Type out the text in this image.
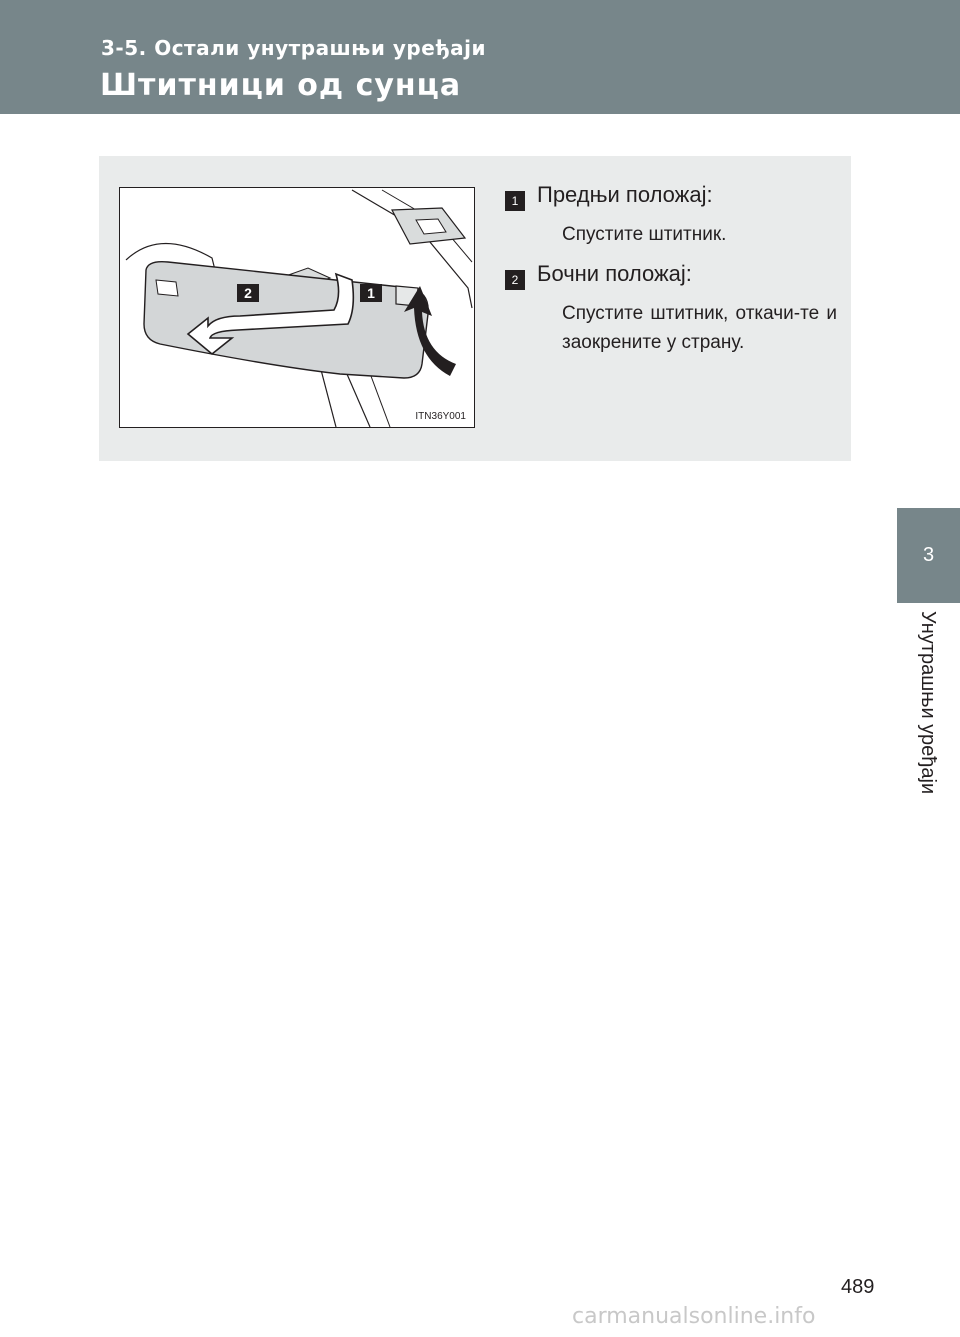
3-5. Остали унутрашњи уређаји
Штитници од сунца
3
Унутрашњи уређаји
2	1
ITN36Y001
1 Предњи положај:
Спустите штитник.
2 Бочни положај:
Спустите штитник, откачи-те и заокрените у страну.
489
carmanualsonline.info
